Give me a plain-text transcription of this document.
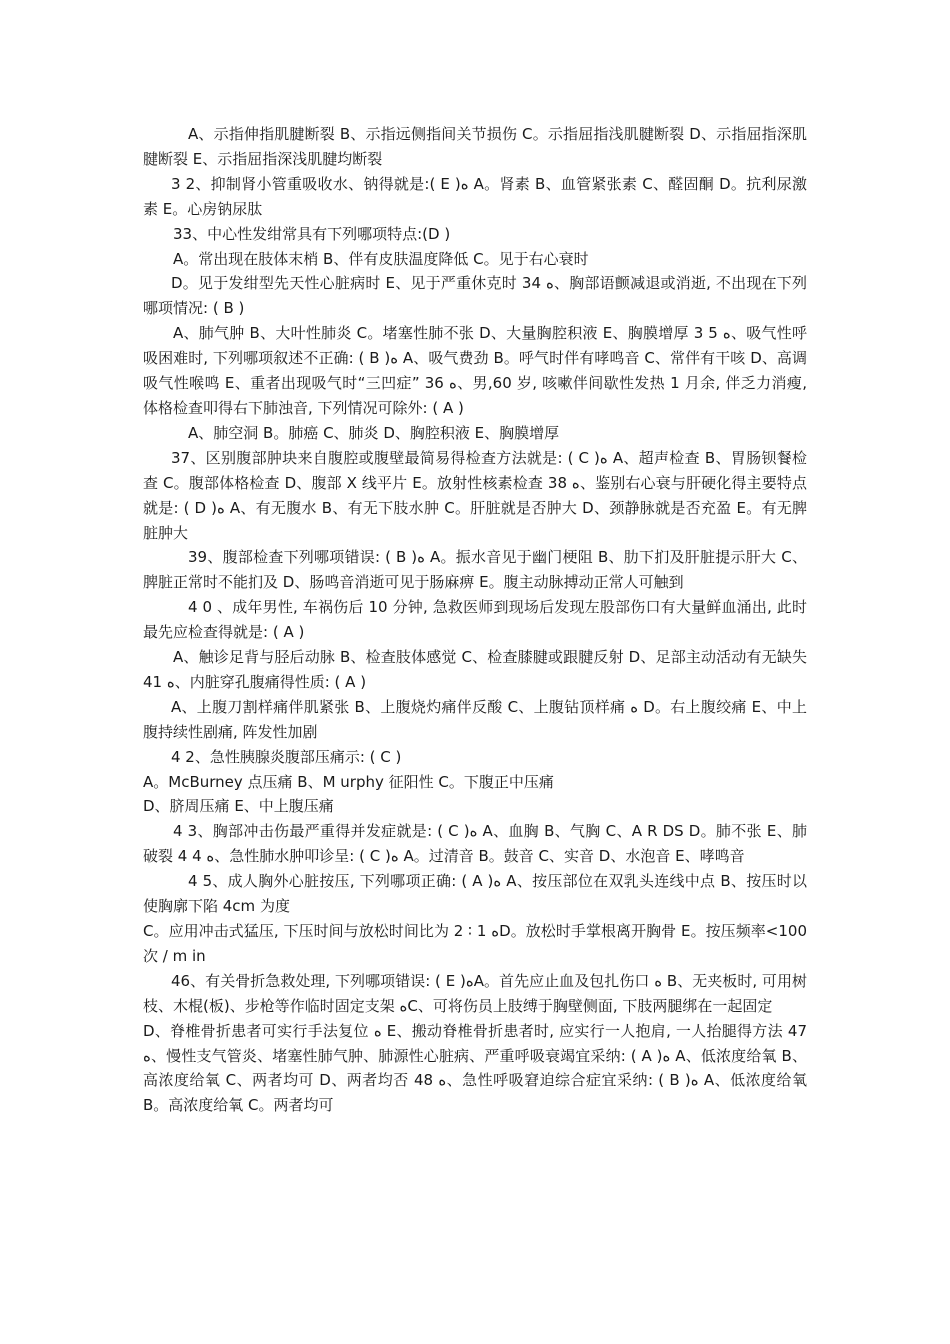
A、示指伸指肌腱断裂 B、示指远侧指间关节损伤 C。示指屈指浅肌腱断裂 D、示指屈指深肌腱断裂 E、示指屈指深浅肌腱均断裂

3 2、抑制肾小管重吸收水、钠得就是:( E )ﻩ A。肾素 B、血管紧张素 C、醛固酮 D。抗利尿激素 E。心房钠尿肽

33、中心性发绀常具有下列哪项特点:(D )

A。常出现在肢体末梢 B、伴有皮肤温度降低 C。见于右心衰时

D。见于发绀型先天性心脏病时 E、见于严重休克时 34 ﻩ、胸部语颤减退或消逝, 不出现在下列哪项情况: ( B )

A、肺气肿 B、大叶性肺炎 C。堵塞性肺不张 D、大量胸腔积液 E、胸膜增厚 3 5 ﻩ、吸气性呼吸困难时, 下列哪项叙述不正确: ( B )ﻩ A、吸气费劲 B。呼气时伴有哮鸣音 C、常伴有干咳 D、高调吸气性喉鸣 E、重者出现吸气时“三凹症” 36 ﻩ、男,60 岁, 咳嗽伴间歇性发热 1 月余, 伴乏力消瘦, 体格检查叩得右下肺浊音, 下列情况可除外: ( A )

A、肺空洞 B。肺癌 C、肺炎 D、胸腔积液 E、胸膜增厚

37、区别腹部肿块来自腹腔或腹壁最简易得检查方法就是: ( C )ﻩ A、超声检查 B、胃肠钡餐检查 C。腹部体格检查 D、腹部 X 线平片 E。放射性核素检查 ﻩ 38、鉴别右心衰与肝硬化得主要特点就是: ( D )ﻩ A、有无腹水 B、有无下肢水肿 C。肝脏就是否肿大 D、颈静脉就是否充盈 E。有无脾脏肿大

39、腹部检查下列哪项错误: ( B )ﻩ A。振水音见于幽门梗阻 B、肋下扪及肝脏提示肝大 C、脾脏正常时不能扪及 D、肠鸣音消逝可见于肠麻痹 E。腹主动脉搏动正常人可触到

4 0 、成年男性, 车祸伤后 10 分钟, 急救医师到现场后发现左股部伤口有大量鲜血涌出, 此时最先应检查得就是: ( A )

A、触诊足背与胫后动脉 B、检查肢体感觉 C、检查膝腱或跟腱反射 D、足部主动活动有无缺失 41 ﻩ、内脏穿孔腹痛得性质: ( A )

A、上腹刀割样痛伴肌紧张 B、上腹烧灼痛伴反酸 C、上腹钻顶样痛 ﻩ D。右上腹绞痛 E、中上腹持续性剧痛, 阵发性加剧

4 2、急性胰腺炎腹部压痛示: ( C )

A。McBurney 点压痛 B、M urphy 征阳性 C。下腹正中压痛

D、脐周压痛 E、中上腹压痛

4 3、胸部冲击伤最严重得并发症就是: ( C )ﻩ A、血胸 B、气胸 C、A R DS D。肺不张 E、肺破裂 4 4 ﻩ、急性肺水肿叩诊呈: ( C )ﻩ A。过清音 B。鼓音 C、实音 D、水泡音 E、哮鸣音

4 5、成人胸外心脏按压, 下列哪项正确: ( A )ﻩ A、按压部位在双乳头连线中点 B、按压时以使胸廓下陷 4cm 为度

C。应用冲击式猛压, 下压时间与放松时间比为 2 ∶ 1 ﻩD。放松时手掌根离开胸骨 E。按压频率<100 次 / m in

46、有关骨折急救处理, 下列哪项错误: ( E )ﻩA。首先应止血及包扎伤口 ﻩ B、无夹板时, 可用树枝、木棍(板)、步枪等作临时固定支架 ﻩC、可将伤员上肢缚于胸壁侧面, 下肢两腿绑在一起固定

D、脊椎骨折患者可实行手法复位 ﻩ E、搬动脊椎骨折患者时, 应实行一人抱肩, 一人抬腿得方法 47 ﻩ、慢性支气管炎、堵塞性肺气肿、肺源性心脏病、严重呼吸衰竭宜采纳: ( A )ﻩ A、低浓度给氧 B、高浓度给氧 C、两者均可 D、两者均否 48 ﻩ、急性呼吸窘迫综合症宜采纳: ( B )ﻩ A、低浓度给氧 B。高浓度给氧 C。两者均可
